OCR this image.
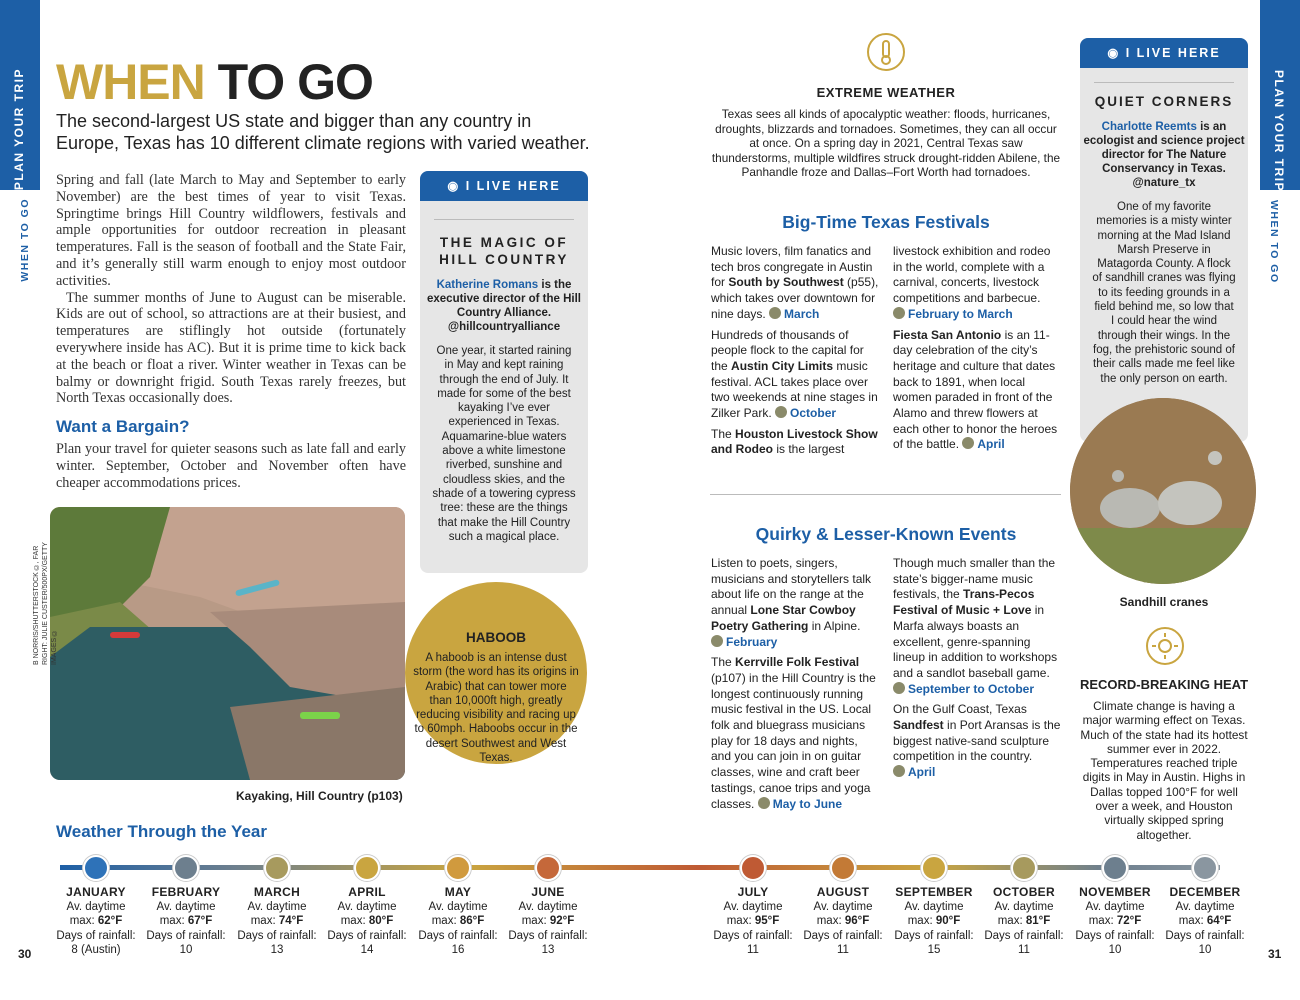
PLAN YOUR TRIP
WHEN TO GO
PLAN YOUR TRIP
WHEN TO GO
WHEN TO GO
The second-largest US state and bigger than any country in Europe, Texas has 10 different climate regions with varied weather.

Spring and fall (late March to May and September to early November) are the best times of year to visit Texas. Springtime brings Hill Country wildflowers, festivals and ample opportunities for outdoor recreation in pleasant temperatures. Fall is the season of football and the State Fair, and it’s generally still warm enough to enjoy most outdoor activities.

The summer months of June to August can be miserable. Kids are out of school, so attractions are at their busiest, and temperatures are stiflingly hot outside (fortunately everywhere inside has AC). But it is prime time to kick back at the beach or float a river. Winter weather in Texas can be balmy or downright frigid. South Texas rarely freezes, but North Texas occasionally does.

Want a Bargain?
Plan your travel for quieter seasons such as late fall and early winter. September, October and November often have cheaper accommodations prices.
◉ I LIVE HERE
THE MAGIC OF HILL COUNTRY
Katherine Romans is the executive director of the Hill Country Alliance. @hillcountryalliance
One year, it started raining in May and kept raining through the end of July. It made for some of the best kayaking I’ve ever experienced in Texas. Aquamarine-blue waters above a white limestone riverbed, sunshine and cloudless skies, and the shade of a towering cypress tree: these are the things that make the Hill Country such a magical place.
B NORRIS/SHUTTERSTOCK ©, FAR RIGHT: JULIE CUSTER/500PX/GETTY IMAGES ©
Kayaking, Hill Country (p103)
HABOOB
A haboob is an intense dust storm (the word has its origins in Arabic) that can tower more than 10,000ft high, greatly reducing visibility and racing up to 60mph. Haboobs occur in the desert Southwest and West Texas.
EXTREME WEATHER
Texas sees all kinds of apocalyptic weather: floods, hurricanes, droughts, blizzards and tornadoes. Sometimes, they can all occur at once. On a spring day in 2021, Central Texas saw thunderstorms, multiple wildfires struck drought-ridden Abilene, the Panhandle froze and Dallas–Fort Worth had tornadoes.
Big-Time Texas Festivals

Music lovers, film fanatics and tech bros congregate in Austin for South by Southwest (p55), which takes over downtown for nine days. March

Hundreds of thousands of people flock to the capital for the Austin City Limits music festival. ACL takes place over two weekends at nine stages in Zilker Park. October

The Houston Livestock Show and Rodeo is the largest

livestock exhibition and rodeo in the world, complete with a carnival, concerts, livestock competitions and barbecue. February to March

Fiesta San Antonio is an 11-day celebration of the city’s heritage and culture that dates back to 1891, when local women paraded in front of the Alamo and threw flowers at each other to honor the heroes of the battle. April

Quirky & Lesser-Known Events

Listen to poets, singers, musicians and storytellers talk about life on the range at the annual Lone Star Cowboy Poetry Gathering in Alpine. February

The Kerrville Folk Festival (p107) in the Hill Country is the longest continuously running music festival in the US. Local folk and bluegrass musicians play for 18 days and nights, and you can join in on guitar classes, wine and craft beer tastings, canoe trips and yoga classes. May to June

Though much smaller than the state’s bigger-name music festivals, the Trans-Pecos Festival of Music + Love in Marfa always boasts an excellent, genre-spanning lineup in addition to workshops and a sandlot baseball game. September to October

On the Gulf Coast, Texas Sandfest in Port Aransas is the biggest native-sand sculpture competition in the country. April

◉ I LIVE HERE
QUIET CORNERS
Charlotte Reemts is an ecologist and science project director for The Nature Conservancy in Texas. @nature_tx
One of my favorite memories is a misty winter morning at the Mad Island Marsh Preserve in Matagorda County. A flock of sandhill cranes was flying to its feeding grounds in a field behind me, so low that I could hear the wind through their wings. In the fog, the prehistoric sound of their calls made me feel like the only person on earth.
Sandhill cranes
RECORD-BREAKING HEAT
Climate change is having a major warming effect on Texas. Much of the state had its hottest summer ever in 2022. Temperatures reached triple digits in May in Austin. Highs in Dallas topped 100°F for well over a week, and Houston virtually skipped spring altogether.
Weather Through the Year
JANUARY
Av. daytime
max: 62°F
Days of rainfall:
8 (Austin)
FEBRUARY
Av. daytime
max: 67°F
Days of rainfall:
10
MARCH
Av. daytime
max: 74°F
Days of rainfall:
13
APRIL
Av. daytime
max: 80°F
Days of rainfall:
14
MAY
Av. daytime
max: 86°F
Days of rainfall:
16
JUNE
Av. daytime
max: 92°F
Days of rainfall:
13
JULY
Av. daytime
max: 95°F
Days of rainfall:
11
AUGUST
Av. daytime
max: 96°F
Days of rainfall:
11
SEPTEMBER
Av. daytime
max: 90°F
Days of rainfall:
15
OCTOBER
Av. daytime
max: 81°F
Days of rainfall:
11
NOVEMBER
Av. daytime
max: 72°F
Days of rainfall:
10
DECEMBER
Av. daytime
max: 64°F
Days of rainfall:
10
30	31
